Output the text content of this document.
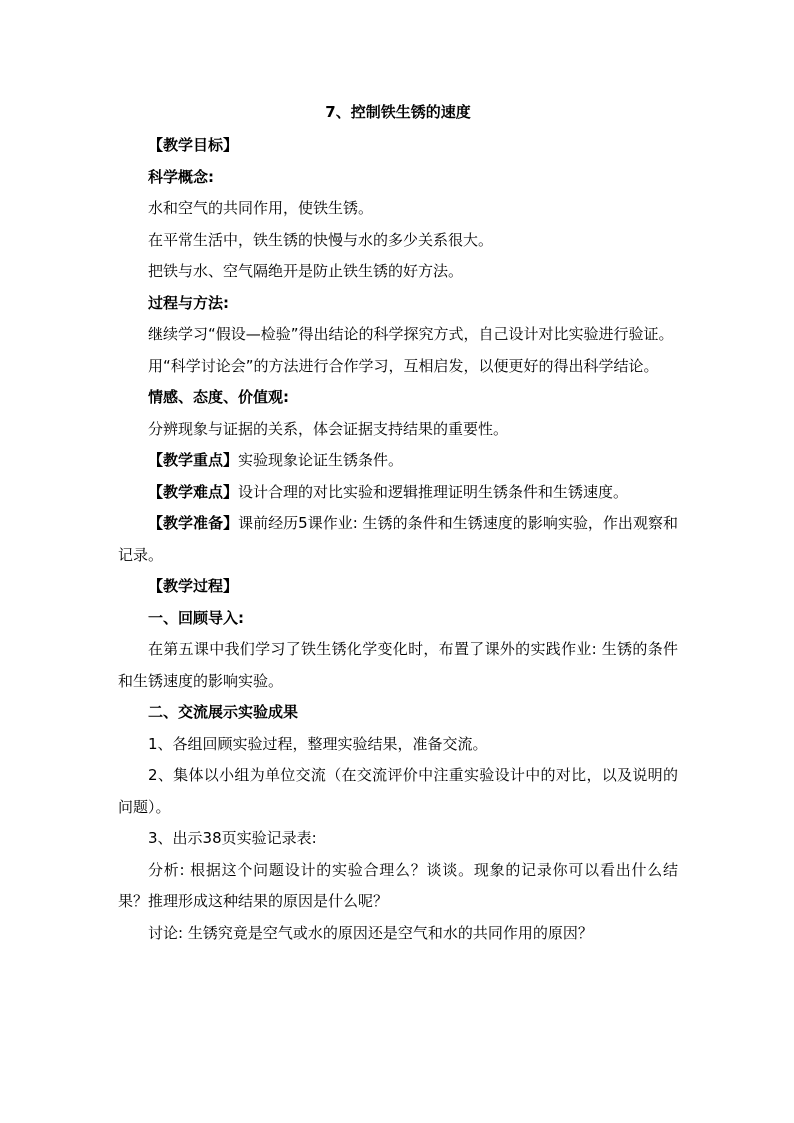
7、控制铁生锈的速度

【教学目标】

科学概念:

水和空气的共同作用，使铁生锈。

在平常生活中，铁生锈的快慢与水的多少关系很大。

把铁与水、空气隔绝开是防止铁生锈的好方法。

过程与方法:

继续学习“假设—检验”得出结论的科学探究方式，自己设计对比实验进行验证。

用“科学讨论会”的方法进行合作学习，互相启发，以便更好的得出科学结论。

情感、态度、价值观:

分辨现象与证据的关系，体会证据支持结果的重要性。

【教学重点】实验现象论证生锈条件。

【教学难点】设计合理的对比实验和逻辑推理证明生锈条件和生锈速度。

【教学准备】课前经历5课作业: 生锈的条件和生锈速度的影响实验，作出观察和记录。

【教学过程】

一、回顾导入:

在第五课中我们学习了铁生锈化学变化时，布置了课外的实践作业: 生锈的条件和生锈速度的影响实验。

二、交流展示实验成果

1、各组回顾实验过程，整理实验结果，准备交流。

2、集体以小组为单位交流（在交流评价中注重实验设计中的对比，以及说明的问题）。

3、出示38页实验记录表:

分析: 根据这个问题设计的实验合理么？谈谈。现象的记录你可以看出什么结果？推理形成这种结果的原因是什么呢？

讨论: 生锈究竟是空气或水的原因还是空气和水的共同作用的原因？
